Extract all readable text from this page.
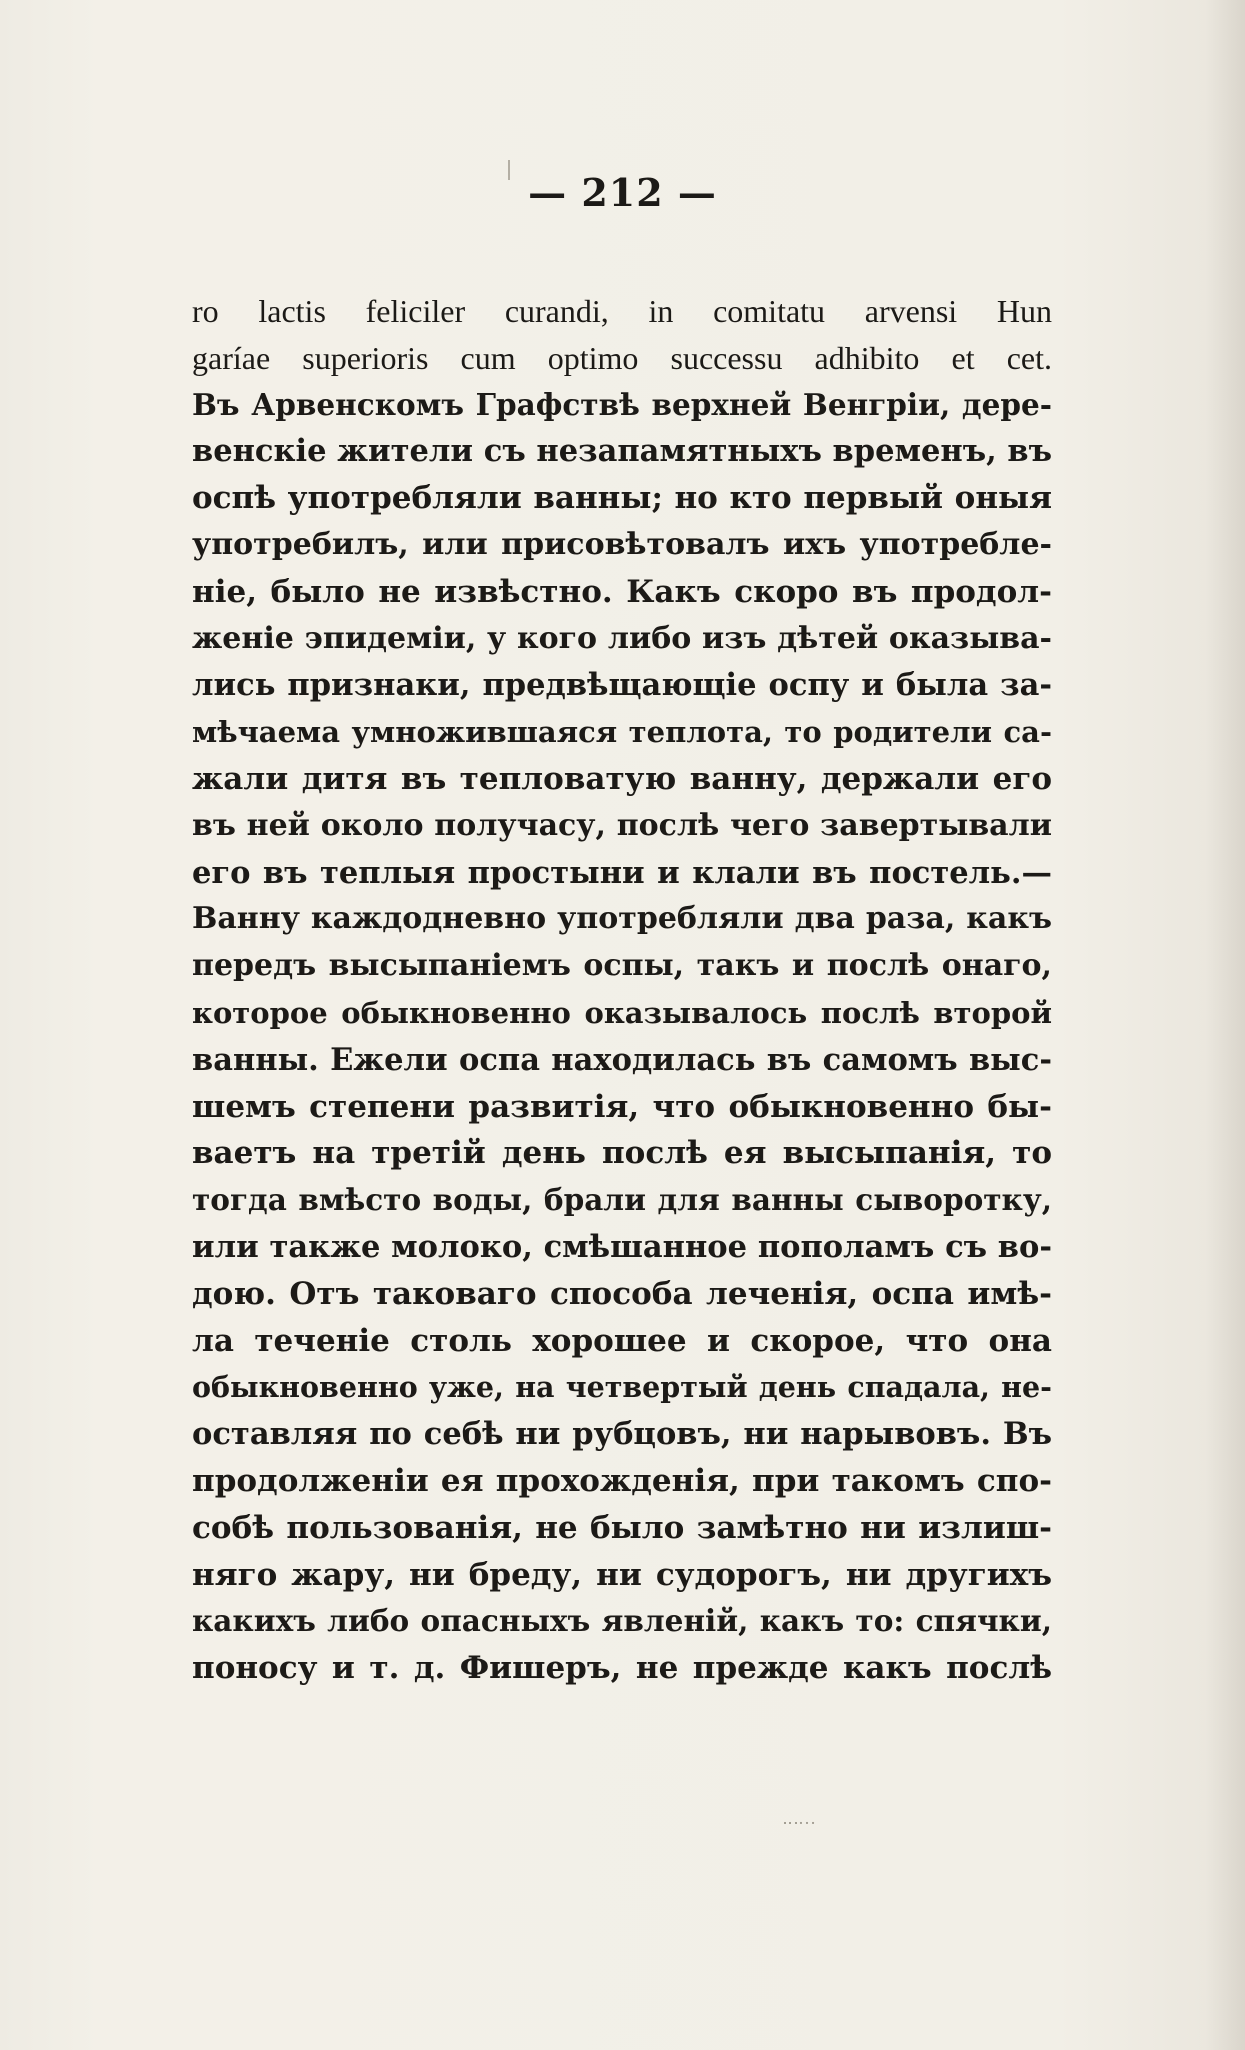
— 212 —
ro lactis feliciler curandi, in comitatu arvensi Hun
garíae superioris cum optimo successu adhibito et cet.
Въ Арвенскомъ Графствѣ верхней Венгріи, дере-
венскіе жители съ незапамятныхъ временъ, въ
оспѣ употребляли ванны; но кто первый оныя
употребилъ, или присовѣтовалъ ихъ употребле-
ніе, было не извѣстно. Какъ скоро въ продол-
женіе эпидеміи, у кого либо изъ дѣтей оказыва-
лись признаки, предвѣщающіе оспу и была за-
мѣчаема умножившаяся теплота, то родители са-
жали дитя въ тепловатую ванну, держали его
въ ней около получасу, послѣ чего завертывали
его въ теплыя простыни и клали въ постель.—
Ванну каждодневно употребляли два раза, какъ
передъ высыпаніемъ оспы, такъ и послѣ онаго,
которое обыкновенно оказывалось послѣ второй
ванны. Ежели оспа находилась въ самомъ выс-
шемъ степени развитія, что обыкновенно бы-
ваетъ на третій день послѣ ея высыпанія, то
тогда вмѣсто воды, брали для ванны сыворотку,
или также молоко, смѣшанное пополамъ съ во-
дою. Отъ таковаго способа леченія, оспа имѣ-
ла теченіе столь хорошее и скорое, что она
обыкновенно уже, на четвертый день спадала, не-
оставляя по себѣ ни рубцовъ, ни нарывовъ. Въ
продолженіи ея прохожденія, при такомъ спо-
собѣ пользованія, не было замѣтно ни излиш-
няго жару, ни бреду, ни судорогъ, ни другихъ
какихъ либо опасныхъ явленій, какъ то: спячки,
поносу и т. д. Фишеръ, не прежде какъ послѣ
․‥…
